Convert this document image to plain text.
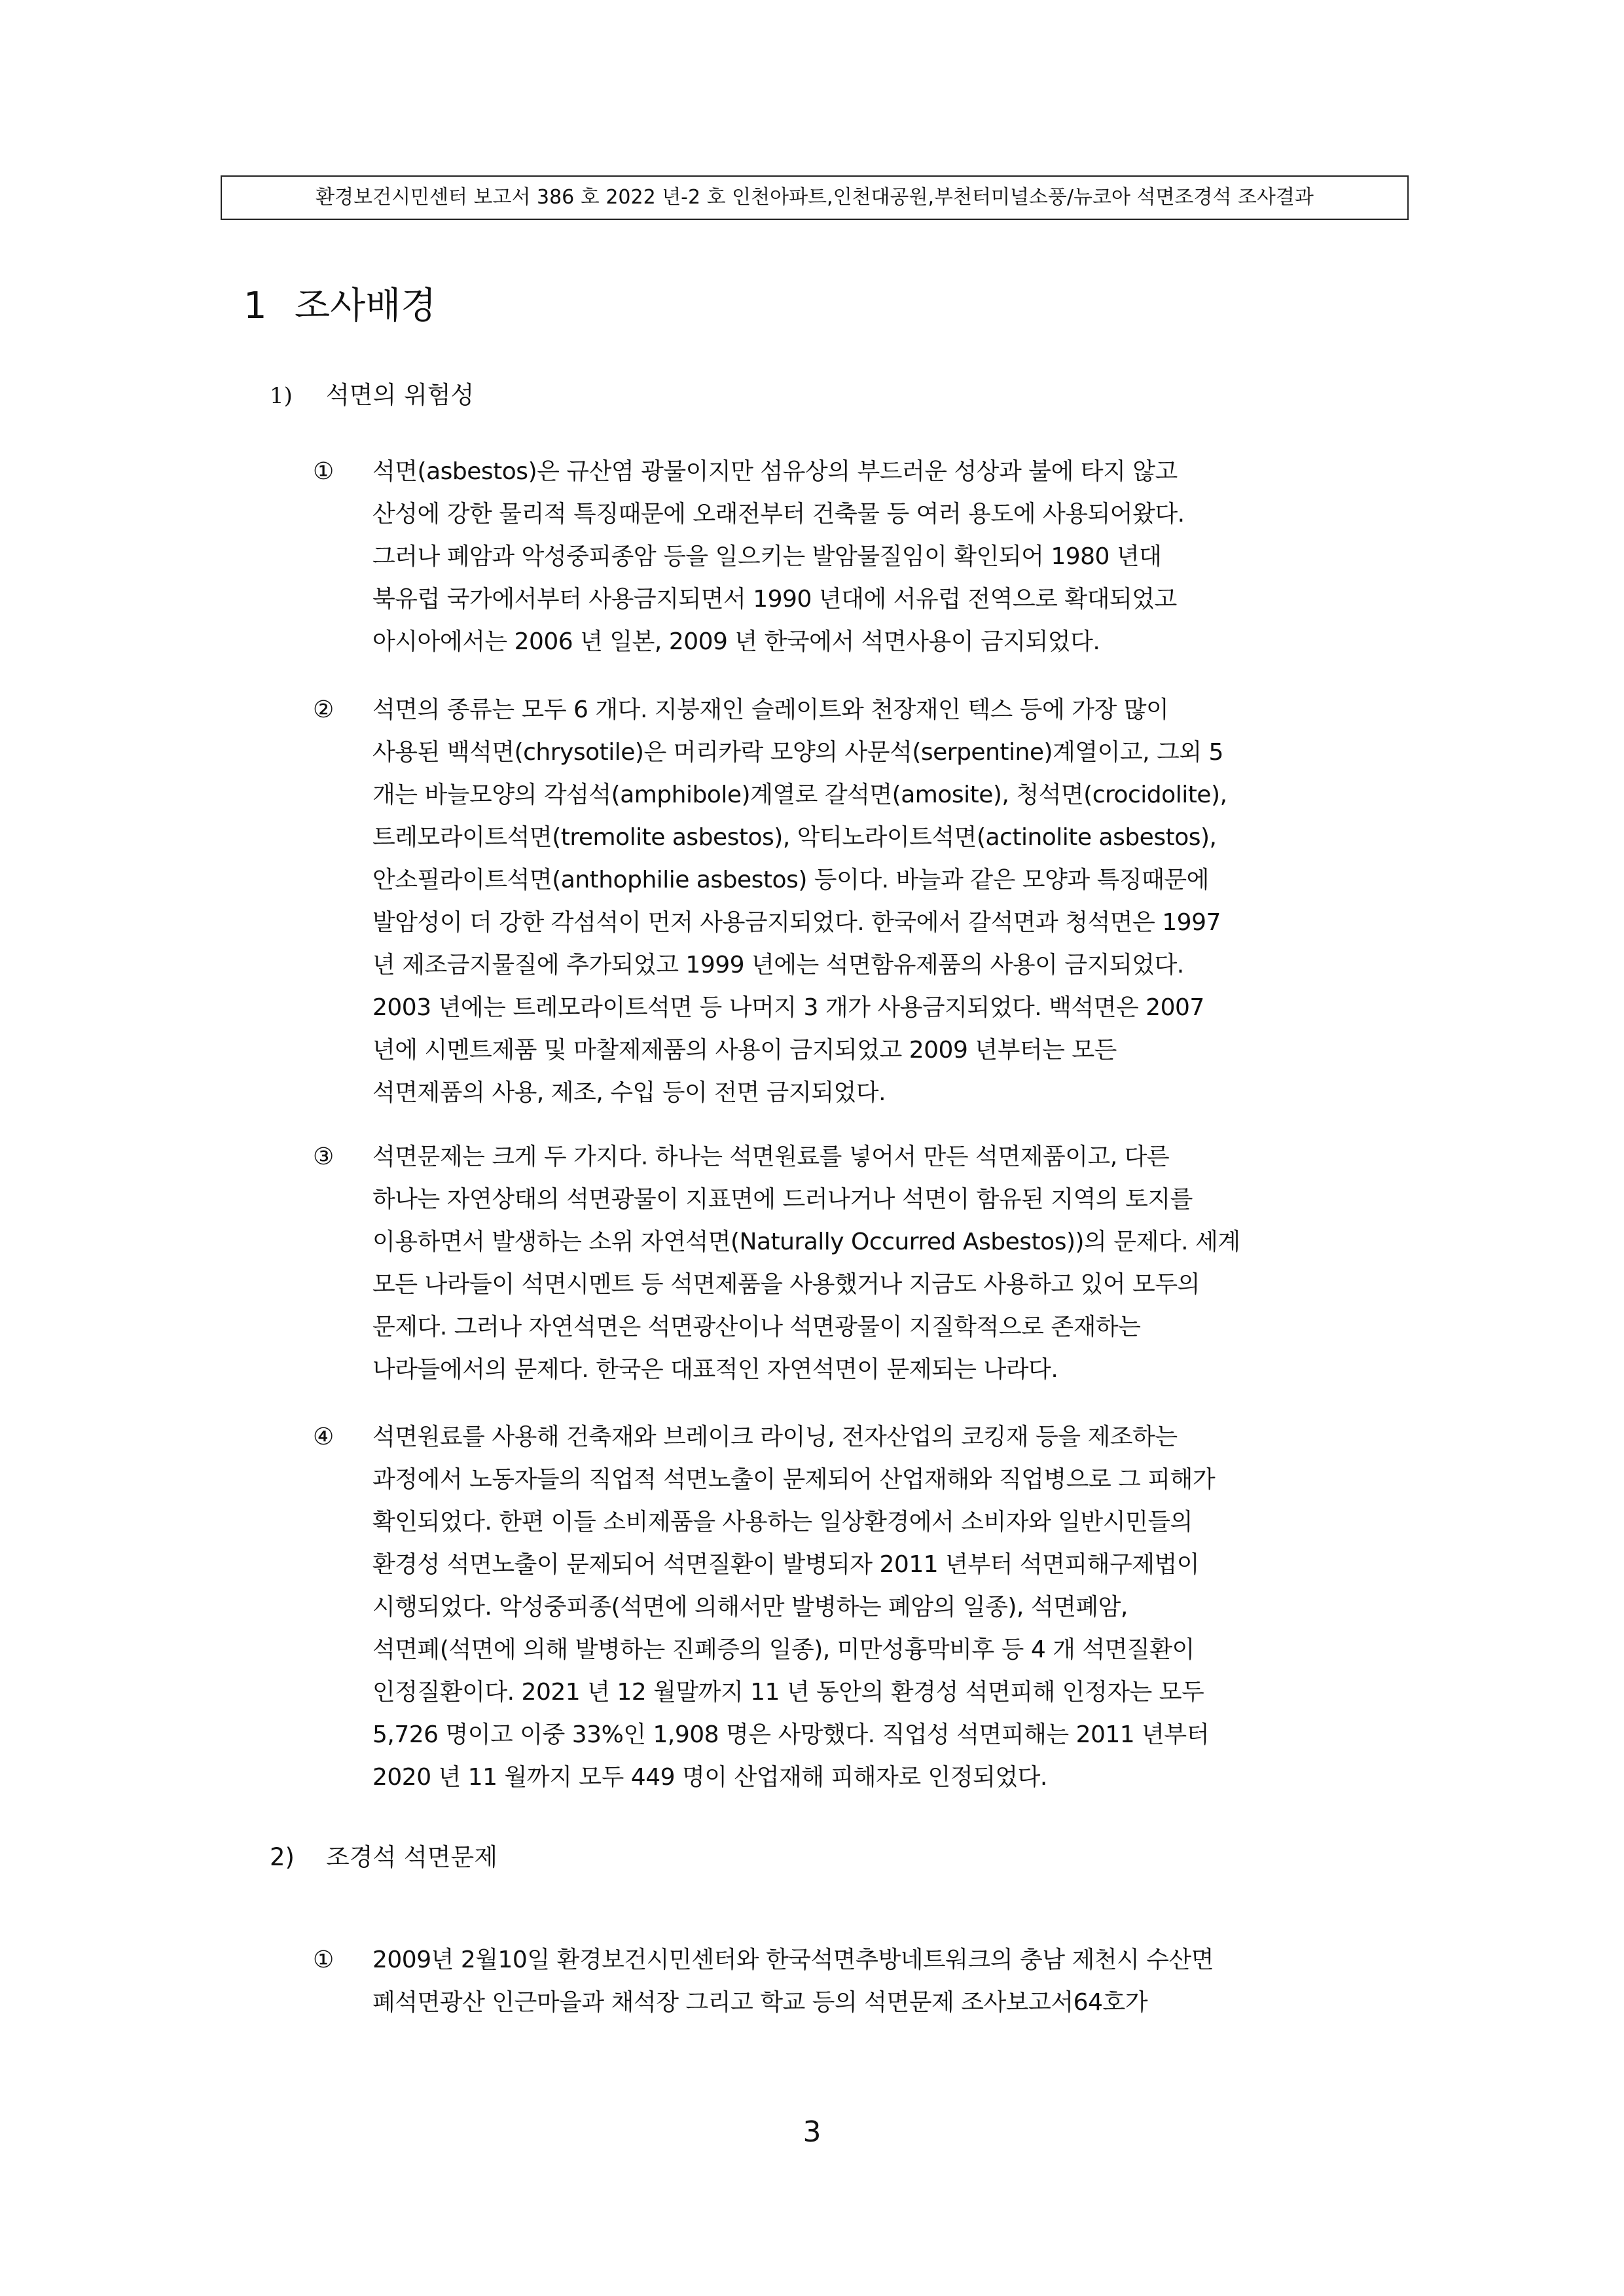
환경보건시민센터 보고서 386 호 2022 년-2 호 인천아파트,인천대공원,부천터미널소풍/뉴코아 석면조경석 조사결과
1 조사배경
1) 석면의 위험성
①	석면(asbestos)은 규산염 광물이지만 섬유상의 부드러운 성상과 불에 타지 않고
산성에 강한 물리적 특징때문에 오래전부터 건축물 등 여러 용도에 사용되어왔다.
그러나 폐암과 악성중피종암 등을 일으키는 발암물질임이 확인되어 1980 년대
북유럽 국가에서부터 사용금지되면서 1990 년대에 서유럽 전역으로 확대되었고
아시아에서는 2006 년 일본, 2009 년 한국에서 석면사용이 금지되었다.
②	석면의 종류는 모두 6 개다. 지붕재인 슬레이트와 천장재인 텍스 등에 가장 많이
사용된 백석면(chrysotile)은 머리카락 모양의 사문석(serpentine)계열이고, 그외 5
개는 바늘모양의 각섬석(amphibole)계열로 갈석면(amosite), 청석면(crocidolite),
트레모라이트석면(tremolite asbestos), 악티노라이트석면(actinolite asbestos),
안소필라이트석면(anthophilie asbestos) 등이다. 바늘과 같은 모양과 특징때문에
발암성이 더 강한 각섬석이 먼저 사용금지되었다. 한국에서 갈석면과 청석면은 1997
년 제조금지물질에 추가되었고 1999 년에는 석면함유제품의 사용이 금지되었다.
2003 년에는 트레모라이트석면 등 나머지 3 개가 사용금지되었다. 백석면은 2007
년에 시멘트제품 및 마찰제제품의 사용이 금지되었고 2009 년부터는 모든
석면제품의 사용, 제조, 수입 등이 전면 금지되었다.
③	석면문제는 크게 두 가지다. 하나는 석면원료를 넣어서 만든 석면제품이고, 다른
하나는 자연상태의 석면광물이 지표면에 드러나거나 석면이 함유된 지역의 토지를
이용하면서 발생하는 소위 자연석면(Naturally Occurred Asbestos))의 문제다. 세계
모든 나라들이 석면시멘트 등 석면제품을 사용했거나 지금도 사용하고 있어 모두의
문제다. 그러나 자연석면은 석면광산이나 석면광물이 지질학적으로 존재하는
나라들에서의 문제다. 한국은 대표적인 자연석면이 문제되는 나라다.
④	석면원료를 사용해 건축재와 브레이크 라이닝, 전자산업의 코킹재 등을 제조하는
과정에서 노동자들의 직업적 석면노출이 문제되어 산업재해와 직업병으로 그 피해가
확인되었다. 한편 이들 소비제품을 사용하는 일상환경에서 소비자와 일반시민들의
환경성 석면노출이 문제되어 석면질환이 발병되자 2011 년부터 석면피해구제법이
시행되었다. 악성중피종(석면에 의해서만 발병하는 폐암의 일종), 석면폐암,
석면폐(석면에 의해 발병하는 진폐증의 일종), 미만성흉막비후 등 4 개 석면질환이
인정질환이다. 2021 년 12 월말까지 11 년 동안의 환경성 석면피해 인정자는 모두
5,726 명이고 이중 33%인 1,908 명은 사망했다. 직업성 석면피해는 2011 년부터
2020 년 11 월까지 모두 449 명이 산업재해 피해자로 인정되었다.
2) 조경석 석면문제
①	2009년 2월10일 환경보건시민센터와 한국석면추방네트워크의 충남 제천시 수산면
폐석면광산 인근마을과 채석장 그리고 학교 등의 석면문제 조사보고서64호가
3
